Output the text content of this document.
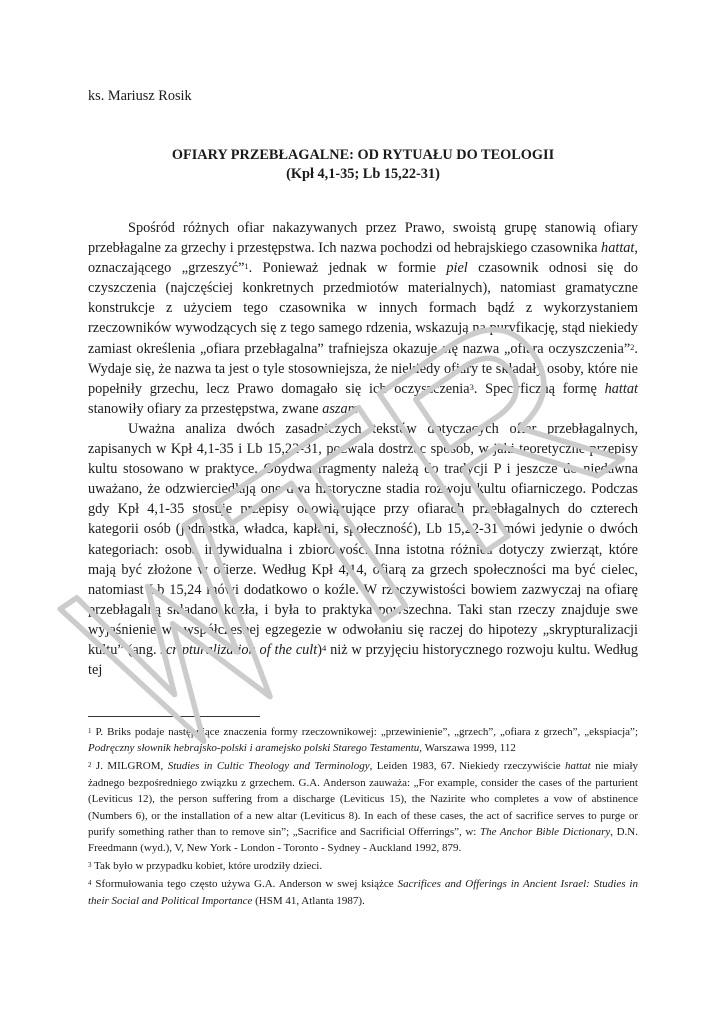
ks. Mariusz Rosik
OFIARY PRZEBŁAGALNE: OD RYTUAŁU DO TEOLOGII
(Kpł 4,1-35; Lb 15,22-31)

Spośród różnych ofiar nakazywanych przez Prawo, swoistą grupę stanowią ofiary przebłagalne za grzechy i przestępstwa. Ich nazwa pochodzi od hebrajskiego czasownika hattat, oznaczającego „grzeszyć”$^1$. Ponieważ jednak w formie piel czasownik odnosi się do czyszczenia (najczęściej konkretnych przedmiotów materialnych), natomiast gramatyczne konstrukcje z użyciem tego czasownika w innych formach bądź z wykorzystaniem rzeczowników wywodzących się z tego samego rdzenia, wskazują na puryfikację, stąd niekiedy zamiast określenia „ofiara przebłagalna” trafniejsza okazuje się nazwa „ofiara oczyszczenia”$^2$. Wydaje się, że nazwa ta jest o tyle stosowniejsza, że niekiedy ofiary te składały osoby, które nie popełniły grzechu, lecz Prawo domagało się ich oczyszczenia$^3$. Specyficzną formę hattat stanowiły ofiary za przestępstwa, zwane aszam.

Uważna analiza dwóch zasadniczych tekstów dotyczących ofiar przebłagalnych, zapisanych w Kpł 4,1-35 i Lb 15,22-31, pozwala dostrzec sposób, w jaki teoretyczne przepisy kultu stosowano w praktyce. Obydwa fragmenty należą do tradycji P i jeszcze do niedawna uważano, że odzwierciedlają one dwa historyczne stadia rozwoju kultu ofiarniczego. Podczas gdy Kpł 4,1-35 stosuje przepisy obowiązujące przy ofiarach przebłagalnych do czterech kategorii osób (jednostka, władca, kapłani, społeczność), Lb 15,22-31 mówi jedynie o dwóch kategoriach: osoba indywidualna i zbiorowość. Inna istotna różnica dotyczy zwierząt, które mają być złożone w ofierze. Według Kpł 4,14, ofiarą za grzech społeczności ma być cielec, natomiast Lb 15,24 mówi dodatkowo o koźle. W rzeczywistości bowiem zazwyczaj na ofiarę przebłagalną składano kozła, i była to praktyka powszechna. Taki stan rzeczy znajduje swe wyjaśnienie we współczesnej egzegezie w odwołaniu się raczej do hipotezy „skrypturalizacji kultu” (ang. scripturalization of the cult)$^4$ niż w przyjęciu historycznego rozwoju kultu. Według tej

$^1$ P. Briks podaje następujące znaczenia formy rzeczownikowej: „przewinienie”, „grzech”, „ofiara z grzech”, „ekspiacja”; Podręczny słownik hebrajsko-polski i aramejsko polski Starego Testamentu, Warszawa 1999, 112
$^2$ J. MILGROM, Studies in Cultic Theology and Terminology, Leiden 1983, 67. Niekiedy rzeczywiście hattat nie miały żadnego bezpośredniego związku z grzechem. G.A. Anderson zauważa: „For example, consider the cases of the parturient (Leviticus 12), the person suffering from a discharge (Leviticus 15), the Nazirite who completes a vow of abstinence (Numbers 6), or the installation of a new altar (Leviticus 8). In each of these cases, the act of sacrifice serves to purge or purify something rather than to remove sin”; „Sacrifice and Sacrificial Offerrings”, w: The Anchor Bible Dictionary, D.N. Freedmann (wyd.), V, New York - London - Toronto - Sydney - Auckland 1992, 879.
$^3$ Tak było w przypadku kobiet, które urodziły dzieci.
$^4$ Sformułowania tego często używa G.A. Anderson w swej książce Sacrifices and Offerings in Ancient Israel: Studies in their Social and Political Importance (HSM 41, Atlanta 1987).
